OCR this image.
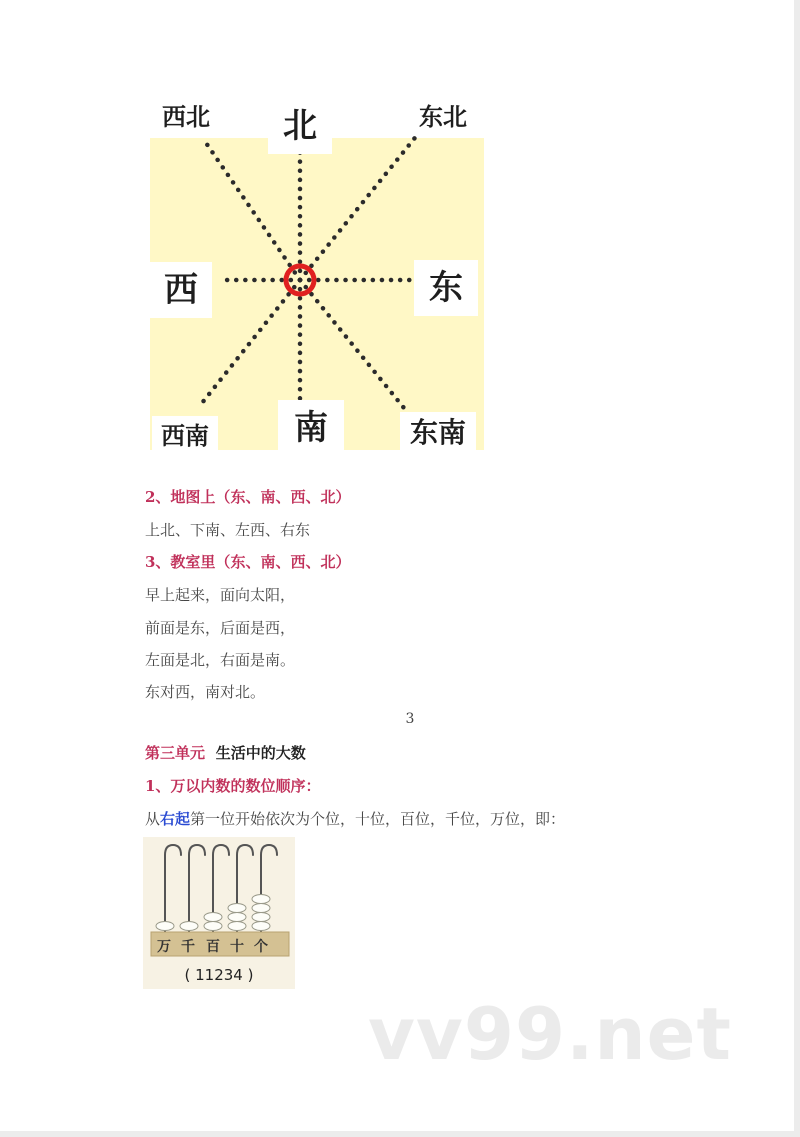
西北	北	东北
西	东
西南	南	东南
2、地图上（东、南、西、北）
上北、下南、左西、右东
3、教室里（东、南、西、北）
早上起来，面向太阳，
前面是东，后面是西，
左面是北，右面是南。
东对西，南对北。
3
第三单元 生活中的大数
1、万以内数的数位顺序：
从右起第一位开始依次为个位，十位，百位，千位，万位，即：
万 千 百 十 个
( 11234 )
vv99.net
